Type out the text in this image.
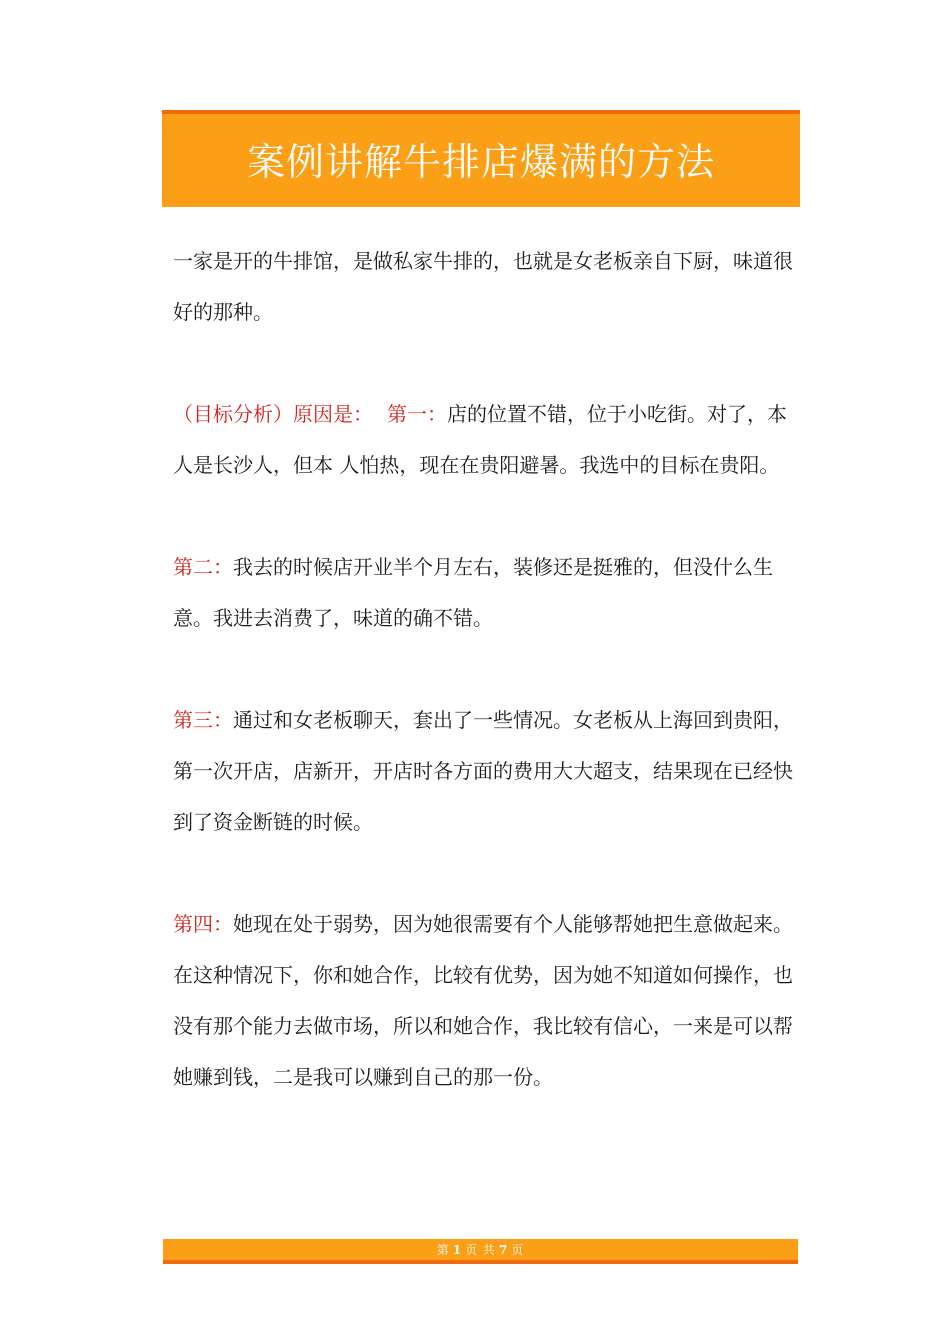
案例讲解牛排店爆满的方法

一家是开的牛排馆，是做私家牛排的，也就是女老板亲自下厨，味道很好的那种。

（目标分析）原因是： 第一：店的位置不错，位于小吃街。对了，本人是长沙人，但本 人怕热，现在在贵阳避暑。我选中的目标在贵阳。

第二：我去的时候店开业半个月左右，装修还是挺雅的，但没什么生意。我进去消费了，味道的确不错。

第三：通过和女老板聊天，套出了一些情况。女老板从上海回到贵阳，第一次开店，店新开，开店时各方面的费用大大超支，结果现在已经快到了资金断链的时候。

第四：她现在处于弱势，因为她很需要有个人能够帮她把生意做起来。在这种情况下，你和她合作，比较有优势，因为她不知道如何操作，也没有那个能力去做市场，所以和她合作，我比较有信心，一来是可以帮她赚到钱，二是我可以赚到自己的那一份。

第 1 页 共 7 页
